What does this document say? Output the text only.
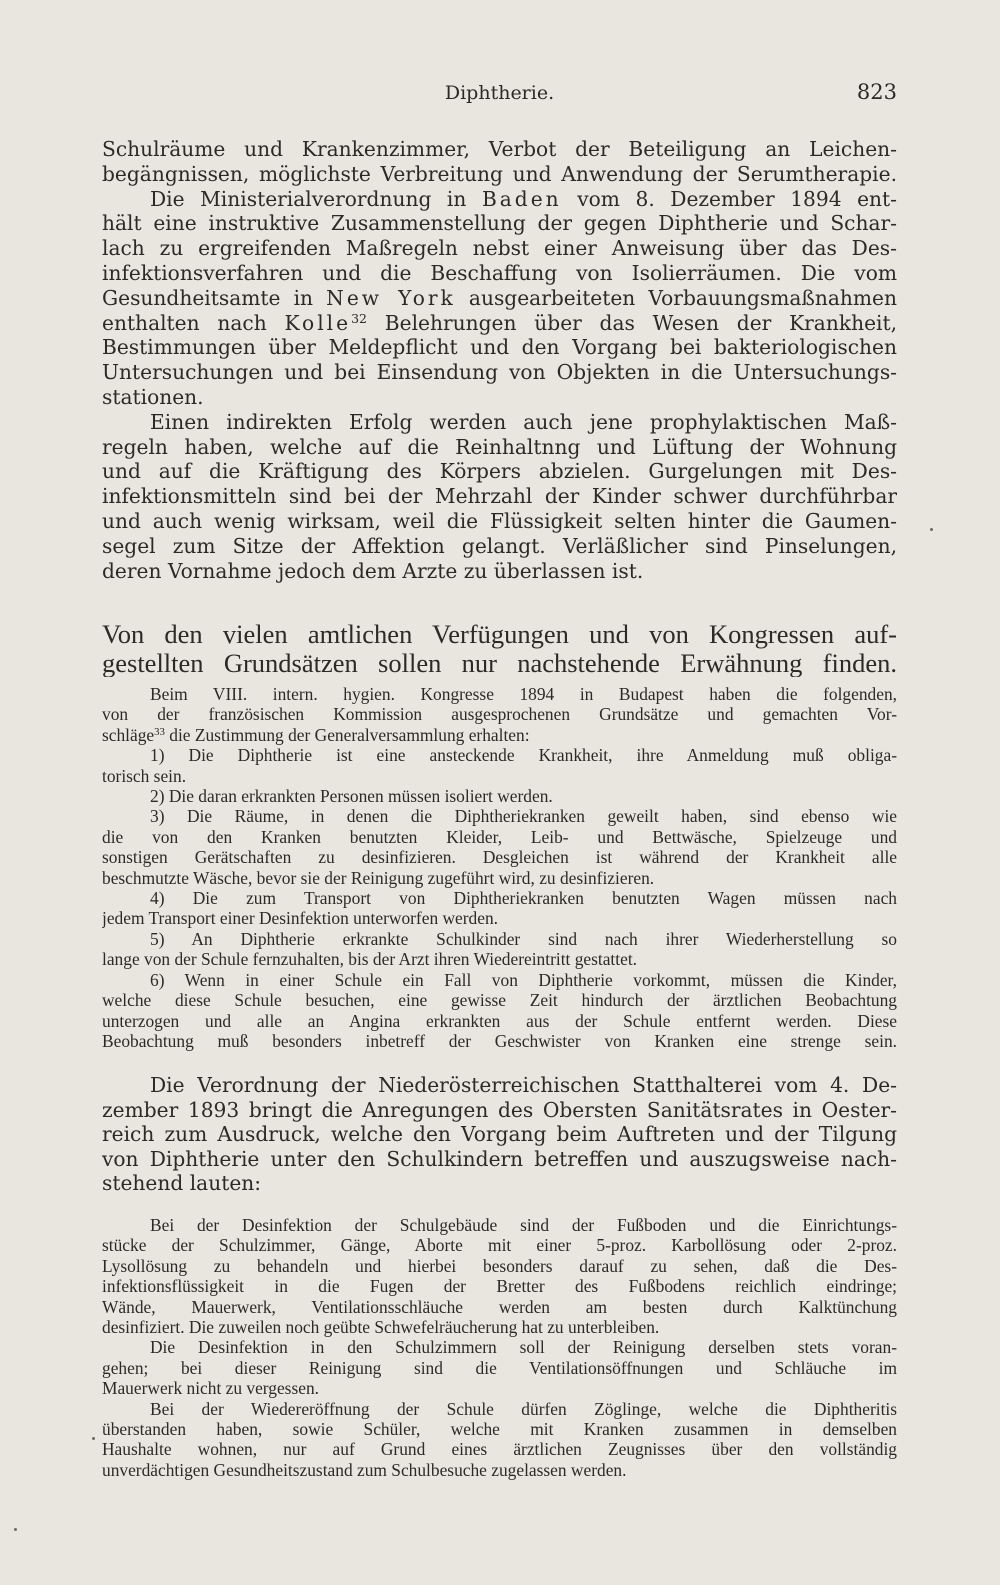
Diphtherie.	823
Schulräume und Krankenzimmer, Verbot der Beteiligung an Leichen-
begängnissen, möglichste Verbreitung und Anwendung der Serumtherapie.
Die Ministerialverordnung in Baden vom 8. Dezember 1894 ent-
hält eine instruktive Zusammenstellung der gegen Diphtherie und Schar-
lach zu ergreifenden Maßregeln nebst einer Anweisung über das Des-
infektionsverfahren und die Beschaffung von Isolierräumen. Die vom
Gesundheitsamte in New York ausgearbeiteten Vorbauungsmaßnahmen
enthalten nach Kolle$^{32}$ Belehrungen über das Wesen der Krankheit,
Bestimmungen über Meldepflicht und den Vorgang bei bakteriologischen
Untersuchungen und bei Einsendung von Objekten in die Untersuchungs-
stationen.
Einen indirekten Erfolg werden auch jene prophylaktischen Maß-
regeln haben, welche auf die Reinhaltnng und Lüftung der Wohnung
und auf die Kräftigung des Körpers abzielen. Gurgelungen mit Des-
infektionsmitteln sind bei der Mehrzahl der Kinder schwer durchführbar
und auch wenig wirksam, weil die Flüssigkeit selten hinter die Gaumen-
segel zum Sitze der Affektion gelangt. Verläßlicher sind Pinselungen,
deren Vornahme jedoch dem Arzte zu überlassen ist.
Von den vielen amtlichen Verfügungen und von Kongressen auf-
gestellten Grundsätzen sollen nur nachstehende Erwähnung finden.
Beim VIII. intern. hygien. Kongresse 1894 in Budapest haben die folgenden,
von der französischen Kommission ausgesprochenen Grundsätze und gemachten Vor-
schläge$^{33}$ die Zustimmung der Generalversammlung erhalten:
1) Die Diphtherie ist eine ansteckende Krankheit, ihre Anmeldung muß obliga-
torisch sein.
2) Die daran erkrankten Personen müssen isoliert werden.
3) Die Räume, in denen die Diphtheriekranken geweilt haben, sind ebenso wie
die von den Kranken benutzten Kleider, Leib- und Bettwäsche, Spielzeuge und
sonstigen Gerätschaften zu desinfizieren. Desgleichen ist während der Krankheit alle
beschmutzte Wäsche, bevor sie der Reinigung zugeführt wird, zu desinfizieren.
4) Die zum Transport von Diphtheriekranken benutzten Wagen müssen nach
jedem Transport einer Desinfektion unterworfen werden.
5) An Diphtherie erkrankte Schulkinder sind nach ihrer Wiederherstellung so
lange von der Schule fernzuhalten, bis der Arzt ihren Wiedereintritt gestattet.
6) Wenn in einer Schule ein Fall von Diphtherie vorkommt, müssen die Kinder,
welche diese Schule besuchen, eine gewisse Zeit hindurch der ärztlichen Beobachtung
unterzogen und alle an Angina erkrankten aus der Schule entfernt werden. Diese
Beobachtung muß besonders inbetreff der Geschwister von Kranken eine strenge sein.
Die Verordnung der Niederösterreichischen Statthalterei vom 4. De-
zember 1893 bringt die Anregungen des Obersten Sanitätsrates in Oester-
reich zum Ausdruck, welche den Vorgang beim Auftreten und der Tilgung
von Diphtherie unter den Schulkindern betreffen und auszugsweise nach-
stehend lauten:
Bei der Desinfektion der Schulgebäude sind der Fußboden und die Einrichtungs-
stücke der Schulzimmer, Gänge, Aborte mit einer 5-proz. Karbollösung oder 2-proz.
Lysollösung zu behandeln und hierbei besonders darauf zu sehen, daß die Des-
infektionsflüssigkeit in die Fugen der Bretter des Fußbodens reichlich eindringe;
Wände, Mauerwerk, Ventilationsschläuche werden am besten durch Kalktünchung
desinfiziert. Die zuweilen noch geübte Schwefelräucherung hat zu unterbleiben.
Die Desinfektion in den Schulzimmern soll der Reinigung derselben stets voran-
gehen; bei dieser Reinigung sind die Ventilationsöffnungen und Schläuche im
Mauerwerk nicht zu vergessen.
Bei der Wiedereröffnung der Schule dürfen Zöglinge, welche die Diphtheritis
überstanden haben, sowie Schüler, welche mit Kranken zusammen in demselben
Haushalte wohnen, nur auf Grund eines ärztlichen Zeugnisses über den vollständig
unverdächtigen Gesundheitszustand zum Schulbesuche zugelassen werden.
